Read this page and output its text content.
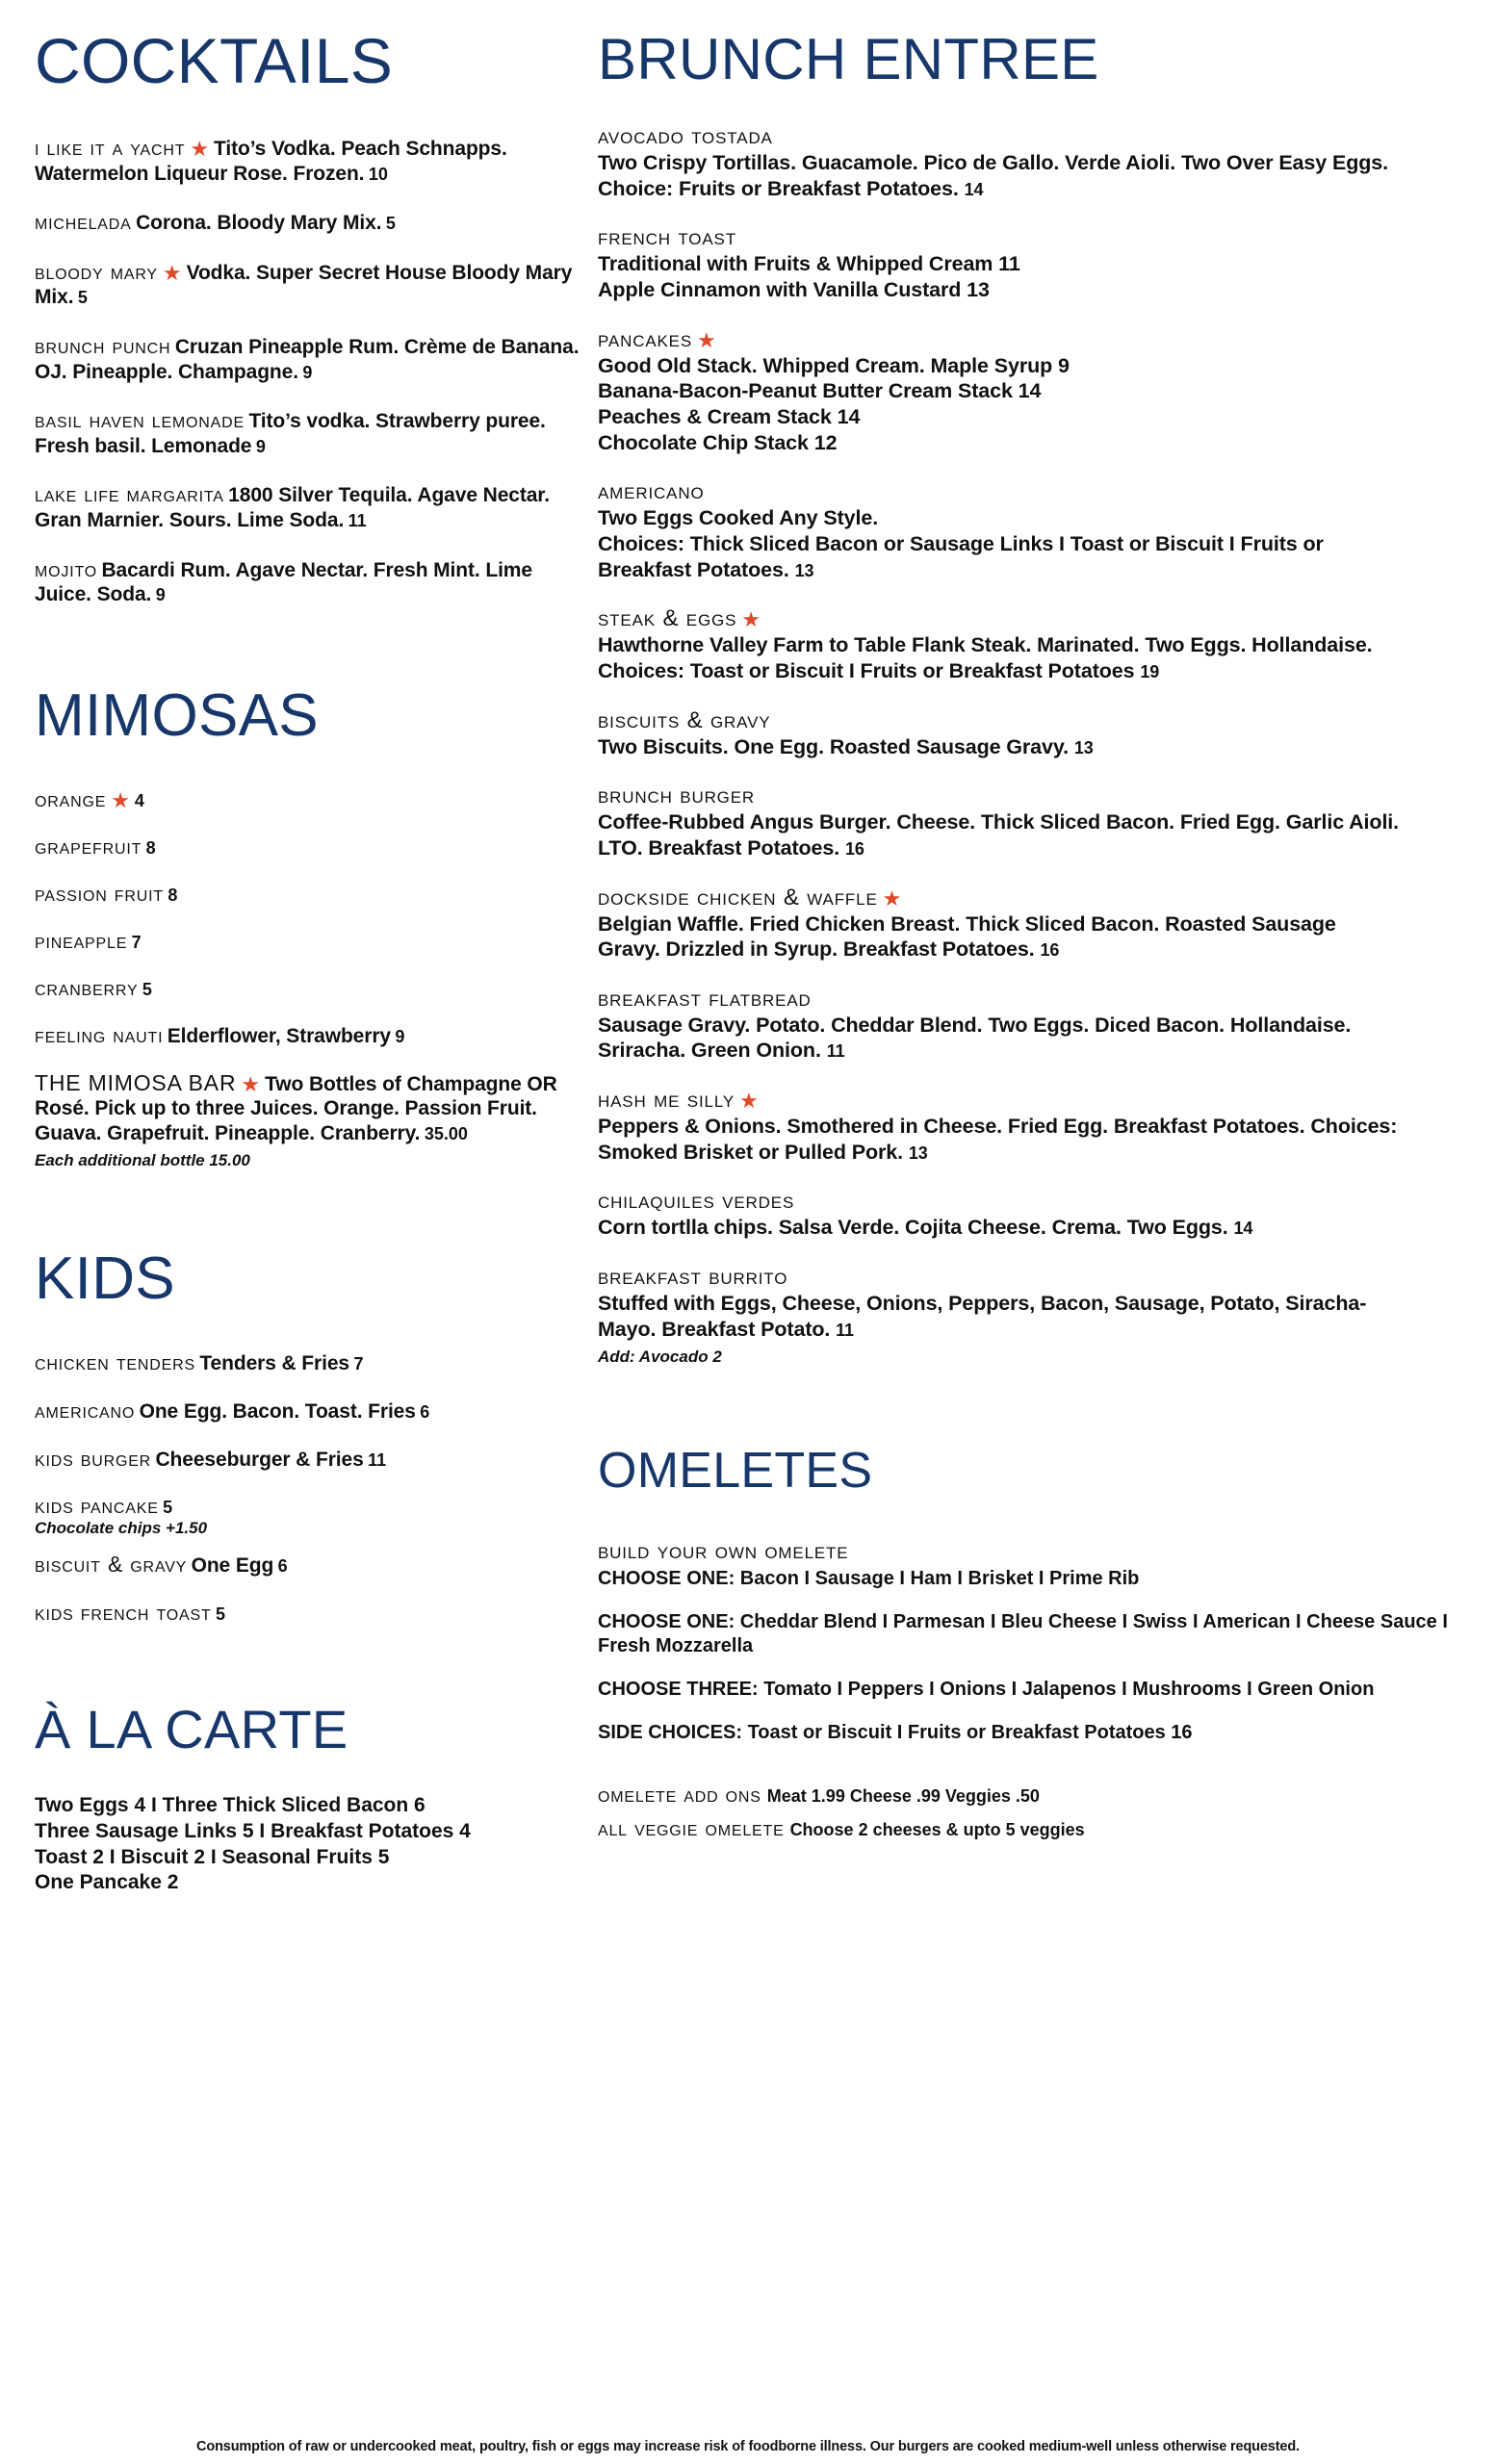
COCKTAILS
i like it a yacht ★ Tito’s Vodka. Peach Schnapps. Watermelon Liqueur Rose. Frozen. 10
michelada Corona. Bloody Mary Mix. 5
bloody mary ★ Vodka. Super Secret House Bloody Mary Mix. 5
brunch punch Cruzan Pineapple Rum. Crème de Banana. OJ. Pineapple. Champagne. 9
basil haven lemonade Tito’s vodka. Strawberry puree. Fresh basil. Lemonade 9
lake life margarita 1800 Silver Tequila. Agave Nectar. Gran Marnier. Sours. Lime Soda. 11
mojito Bacardi Rum. Agave Nectar. Fresh Mint. Lime Juice. Soda. 9
MIMOSAS
orange ★ 4
grapefruit 8
passion fruit 8
pineapple 7
cranberry 5
feeling nauti Elderflower, Strawberry 9
THE MIMOSA BAR ★ Two Bottles of Champagne OR Rosé. Pick up to three Juices. Orange. Passion Fruit. Guava. Grapefruit. Pineapple. Cranberry. 35.00
Each additional bottle 15.00
KIDS
chicken tenders Tenders & Fries 7
americano One Egg. Bacon. Toast. Fries 6
kids burger Cheeseburger & Fries 11
kids pancake 5
Chocolate chips +1.50
biscuit & gravy One Egg 6
kids french toast 5
À LA CARTE
Two Eggs 4 I Three Thick Sliced Bacon 6
Three Sausage Links 5 I Breakfast Potatoes 4
Toast 2 I Biscuit 2 I Seasonal Fruits 5
One Pancake 2
BRUNCH ENTREE
avocado tostada
Two Crispy Tortillas. Guacamole. Pico de Gallo. Verde Aioli. Two Over Easy Eggs.
Choice: Fruits or Breakfast Potatoes. 14
french toast
Traditional with Fruits & Whipped Cream 11
Apple Cinnamon with Vanilla Custard 13
pancakes ★
Good Old Stack. Whipped Cream. Maple Syrup 9
Banana-Bacon-Peanut Butter Cream Stack 14
Peaches & Cream Stack 14
Chocolate Chip Stack 12
americano
Two Eggs Cooked Any Style.
Choices: Thick Sliced Bacon or Sausage Links I Toast or Biscuit I Fruits or
Breakfast Potatoes. 13
steak & eggs ★
Hawthorne Valley Farm to Table Flank Steak. Marinated. Two Eggs. Hollandaise.
Choices: Toast or Biscuit I Fruits or Breakfast Potatoes 19
biscuits & gravy
Two Biscuits. One Egg. Roasted Sausage Gravy. 13
brunch burger
Coffee-Rubbed Angus Burger. Cheese. Thick Sliced Bacon. Fried Egg. Garlic Aioli.
LTO. Breakfast Potatoes. 16
dockside chicken & waffle ★
Belgian Waffle. Fried Chicken Breast. Thick Sliced Bacon. Roasted Sausage
Gravy. Drizzled in Syrup. Breakfast Potatoes. 16
breakfast flatbread
Sausage Gravy. Potato. Cheddar Blend. Two Eggs. Diced Bacon. Hollandaise.
Sriracha. Green Onion. 11
hash me silly ★
Peppers & Onions. Smothered in Cheese. Fried Egg. Breakfast Potatoes. Choices:
Smoked Brisket or Pulled Pork. 13
chilaquiles verdes
Corn tortlla chips. Salsa Verde. Cojita Cheese. Crema. Two Eggs. 14
breakfast burrito
Stuffed with Eggs, Cheese, Onions, Peppers, Bacon, Sausage, Potato, Siracha-
Mayo. Breakfast Potato. 11
Add: Avocado 2
OMELETES
build your own omelete
CHOOSE ONE: Bacon I Sausage I Ham I Brisket I Prime Rib
CHOOSE ONE: Cheddar Blend I Parmesan I Bleu Cheese I Swiss I American I Cheese Sauce I Fresh Mozzarella
CHOOSE THREE: Tomato I Peppers I Onions I Jalapenos I Mushrooms I Green Onion
SIDE CHOICES: Toast or Biscuit I Fruits or Breakfast Potatoes 16
omelete add ons Meat 1.99 Cheese .99 Veggies .50
all veggie omelete Choose 2 cheeses & upto 5 veggies
Consumption of raw or undercooked meat, poultry, fish or eggs may increase risk of foodborne illness. Our burgers are cooked medium-well unless otherwise requested.
